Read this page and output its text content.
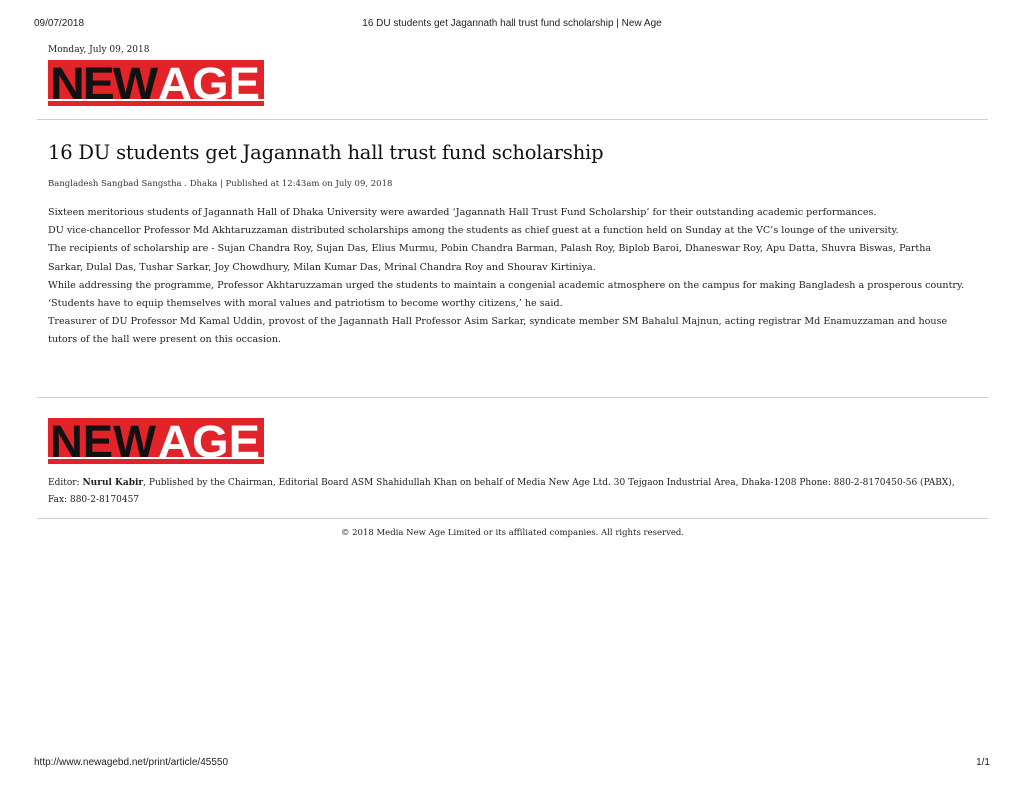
09/07/2018	16 DU students get Jagannath hall trust fund scholarship | New Age
Monday, July 09, 2018
NEW AGE
16 DU students get Jagannath hall trust fund scholarship
Bangladesh Sangbad Sangstha . Dhaka | Published at 12:43am on July 09, 2018

Sixteen meritorious students of Jagannath Hall of Dhaka University were awarded ‘Jagannath Hall Trust Fund Scholarship’ for their outstanding academic performances.

DU vice-chancellor Professor Md Akhtaruzzaman distributed scholarships among the students as chief guest at a function held on Sunday at the VC’s lounge of the university.

The recipients of scholarship are - Sujan Chandra Roy, Sujan Das, Elius Murmu, Pobin Chandra Barman, Palash Roy, Biplob Baroi, Dhaneswar Roy, Apu Datta, Shuvra Biswas, Partha Sarkar, Dulal Das, Tushar Sarkar, Joy Chowdhury, Milan Kumar Das, Mrinal Chandra Roy and Shourav Kirtiniya.

While addressing the programme, Professor Akhtaruzzaman urged the students to maintain a congenial academic atmosphere on the campus for making Bangladesh a prosperous country.

‘Students have to equip themselves with moral values and patriotism to become worthy citizens,’ he said.

Treasurer of DU Professor Md Kamal Uddin, provost of the Jagannath Hall Professor Asim Sarkar, syndicate member SM Bahalul Majnun, acting registrar Md Enamuzzaman and house tutors of the hall were present on this occasion.

NEW AGE
Editor: Nurul Kabir, Published by the Chairman, Editorial Board ASM Shahidullah Khan on behalf of Media New Age Ltd. 30 Tejgaon Industrial Area, Dhaka-1208 Phone: 880-2-8170450-56 (PABX), Fax: 880-2-8170457
© 2018 Media New Age Limited or its affiliated companies. All rights reserved.
http://www.newagebd.net/print/article/45550	1/1
